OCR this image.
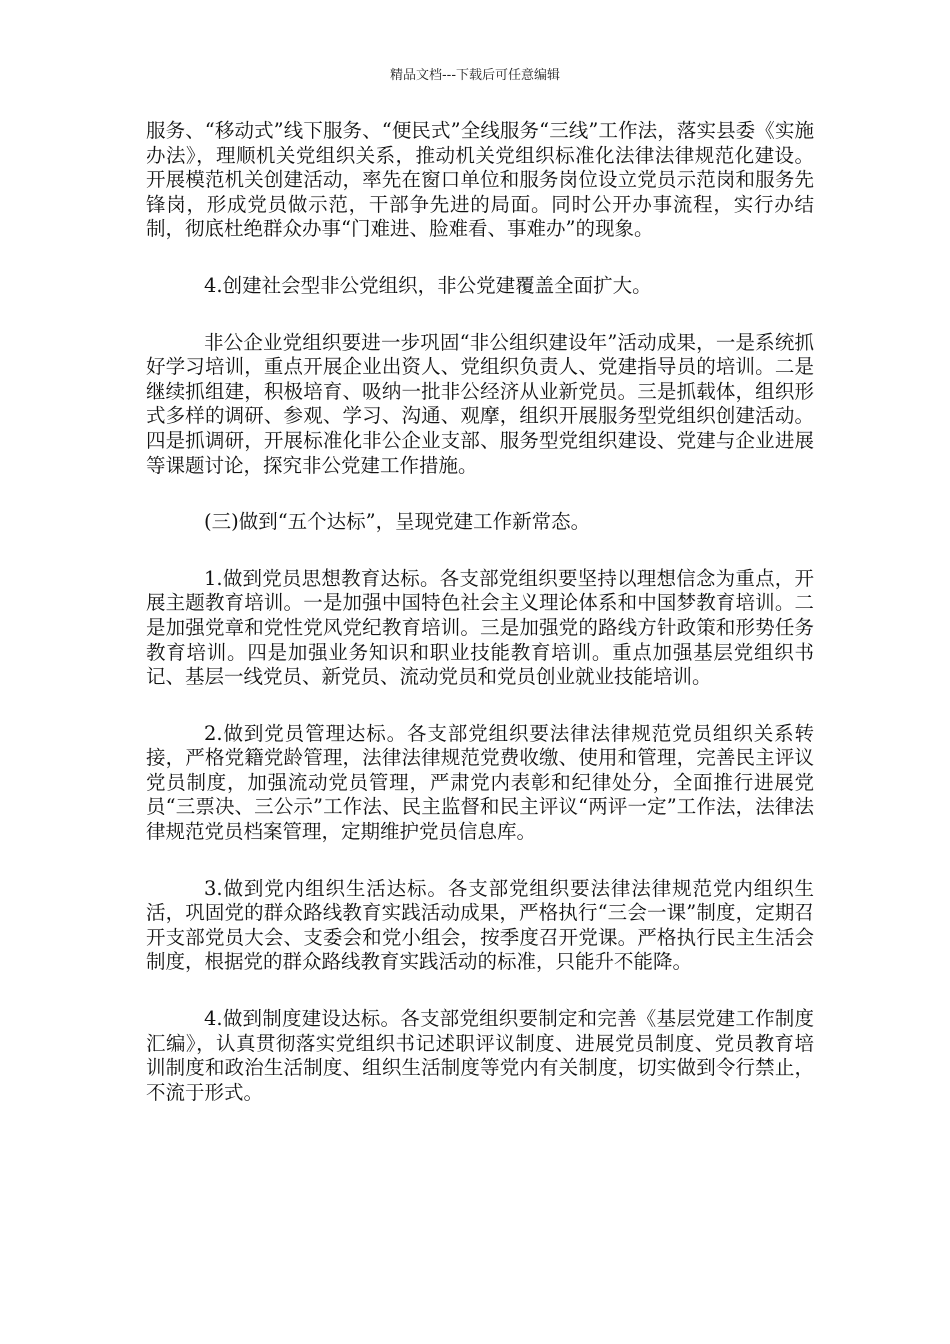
精品文档---下载后可任意编辑

服务、“移动式”线下服务、“便民式”全线服务“三线”工作法，落实县委《实施办法》，理顺机关党组织关系，推动机关党组织标准化法律法律规范化建设。开展模范机关创建活动，率先在窗口单位和服务岗位设立党员示范岗和服务先锋岗，形成党员做示范，干部争先进的局面。同时公开办事流程，实行办结制，彻底杜绝群众办事“门难进、脸难看、事难办”的现象。

4.创建社会型非公党组织，非公党建覆盖全面扩大。

非公企业党组织要进一步巩固“非公组织建设年”活动成果，一是系统抓好学习培训，重点开展企业出资人、党组织负责人、党建指导员的培训。二是继续抓组建，积极培育、吸纳一批非公经济从业新党员。三是抓载体，组织形式多样的调研、参观、学习、沟通、观摩，组织开展服务型党组织创建活动。四是抓调研，开展标准化非公企业支部、服务型党组织建设、党建与企业进展等课题讨论，探究非公党建工作措施。

(三)做到“五个达标”，呈现党建工作新常态。

1.做到党员思想教育达标。各支部党组织要坚持以理想信念为重点，开展主题教育培训。一是加强中国特色社会主义理论体系和中国梦教育培训。二是加强党章和党性党风党纪教育培训。三是加强党的路线方针政策和形势任务教育培训。四是加强业务知识和职业技能教育培训。重点加强基层党组织书记、基层一线党员、新党员、流动党员和党员创业就业技能培训。

2.做到党员管理达标。各支部党组织要法律法律规范党员组织关系转接，严格党籍党龄管理，法律法律规范党费收缴、使用和管理，完善民主评议党员制度，加强流动党员管理，严肃党内表彰和纪律处分，全面推行进展党员“三票决、三公示”工作法、民主监督和民主评议“两评一定”工作法，法律法律规范党员档案管理，定期维护党员信息库。

3.做到党内组织生活达标。各支部党组织要法律法律规范党内组织生活，巩固党的群众路线教育实践活动成果，严格执行“三会一课”制度，定期召开支部党员大会、支委会和党小组会，按季度召开党课。严格执行民主生活会制度，根据党的群众路线教育实践活动的标准，只能升不能降。

4.做到制度建设达标。各支部党组织要制定和完善《基层党建工作制度汇编》，认真贯彻落实党组织书记述职评议制度、进展党员制度、党员教育培训制度和政治生活制度、组织生活制度等党内有关制度，切实做到令行禁止，不流于形式。
